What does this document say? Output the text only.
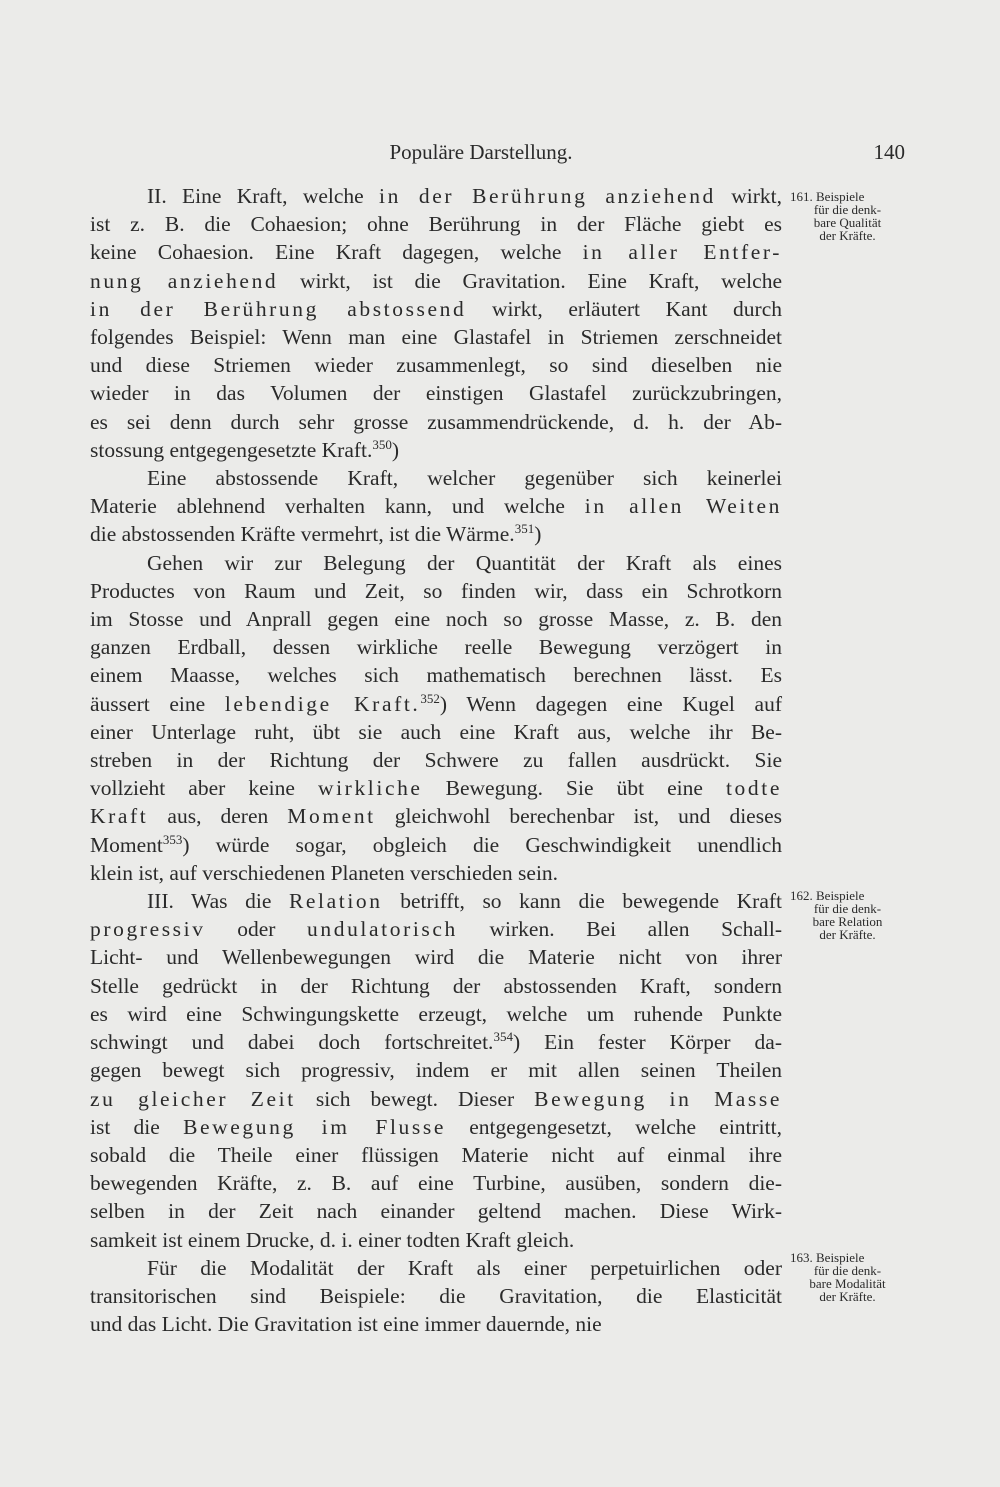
Populäre Darstellung.	140

II. Eine Kraft, welche in der Berührung anziehend wirkt,
ist z. B. die Cohaesion; ohne Berührung in der Fläche giebt es
keine Cohaesion. Eine Kraft dagegen, welche in aller Entfer-
nung anziehend wirkt, ist die Gravitation. Eine Kraft, welche
in der Berührung abstossend wirkt, erläutert Kant durch
folgendes Beispiel: Wenn man eine Glastafel in Striemen zerschneidet
und diese Striemen wieder zusammenlegt, so sind dieselben nie
wieder in das Volumen der einstigen Glastafel zurückzubringen,
es sei denn durch sehr grosse zusammendrückende, d. h. der Ab-
stossung entgegengesetzte Kraft.$^{350}$)

Eine abstossende Kraft, welcher gegenüber sich keinerlei
Materie ablehnend verhalten kann, und welche in allen Weiten
die abstossenden Kräfte vermehrt, ist die Wärme.$^{351}$)

Gehen wir zur Belegung der Quantität der Kraft als eines
Productes von Raum und Zeit, so finden wir, dass ein Schrotkorn
im Stosse und Anprall gegen eine noch so grosse Masse, z. B. den
ganzen Erdball, dessen wirkliche reelle Bewegung verzögert in
einem Maasse, welches sich mathematisch berechnen lässt. Es
äussert eine lebendige Kraft.$^{352}$) Wenn dagegen eine Kugel auf
einer Unterlage ruht, übt sie auch eine Kraft aus, welche ihr Be-
streben in der Richtung der Schwere zu fallen ausdrückt. Sie
vollzieht aber keine wirkliche Bewegung. Sie übt eine todte
Kraft aus, deren Moment gleichwohl berechenbar ist, und dieses
Moment$^{353}$) würde sogar, obgleich die Geschwindigkeit unendlich
klein ist, auf verschiedenen Planeten verschieden sein.

III. Was die Relation betrifft, so kann die bewegende Kraft
progressiv oder undulatorisch wirken. Bei allen Schall-
Licht- und Wellenbewegungen wird die Materie nicht von ihrer
Stelle gedrückt in der Richtung der abstossenden Kraft, sondern
es wird eine Schwingungskette erzeugt, welche um ruhende Punkte
schwingt und dabei doch fortschreitet.$^{354}$) Ein fester Körper da-
gegen bewegt sich progressiv, indem er mit allen seinen Theilen
zu gleicher Zeit sich bewegt. Dieser Bewegung in Masse
ist die Bewegung im Flusse entgegengesetzt, welche eintritt,
sobald die Theile einer flüssigen Materie nicht auf einmal ihre
bewegenden Kräfte, z. B. auf eine Turbine, ausüben, sondern die-
selben in der Zeit nach einander geltend machen. Diese Wirk-
samkeit ist einem Drucke, d. i. einer todten Kraft gleich.

Für die Modalität der Kraft als einer perpetuirlichen oder
transitorischen sind Beispiele: die Gravitation, die Elasticität
und das Licht. Die Gravitation ist eine immer dauernde, nie

161. Beispiele
für die denk-
bare Qualität
der Kräfte.
162. Beispiele
für die denk-
bare Relation
der Kräfte.
163. Beispiele
für die denk-
bare Modalität
der Kräfte.
